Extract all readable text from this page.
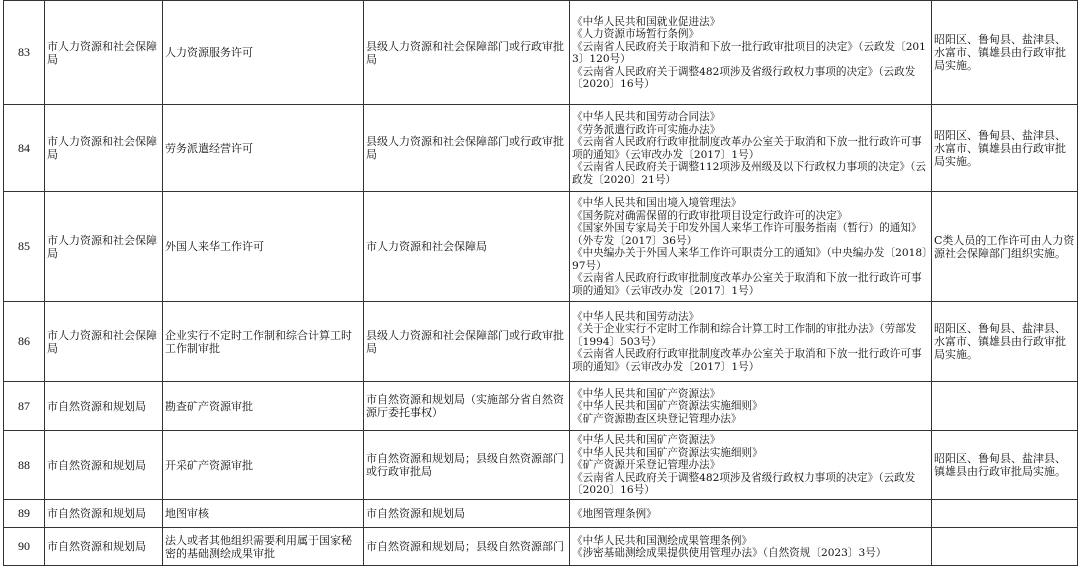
83	市人力资源和社会保障局	人力资源服务许可	县级人力资源和社会保障部门或行政审批局	《中华人民共和国就业促进法》
《人力资源市场暂行条例》
《云南省人民政府关于取消和下放一批行政审批项目的决定》（云政发〔2013〕120号）
《云南省人民政府关于调整482项涉及省级行政权力事项的决定》（云政发〔2020〕16号）	昭阳区、鲁甸县、盐津县、水富市、镇雄县由行政审批局实施。
84	市人力资源和社会保障局	劳务派遣经营许可	县级人力资源和社会保障部门或行政审批局	《中华人民共和国劳动合同法》
《劳务派遣行政许可实施办法》
《云南省人民政府行政审批制度改革办公室关于取消和下放一批行政许可事项的通知》（云审改办发〔2017〕1号）
《云南省人民政府关于调整112项涉及州级及以下行政权力事项的决定》（云政发〔2020〕21号）	昭阳区、鲁甸县、盐津县、水富市、镇雄县由行政审批局实施。
85	市人力资源和社会保障局	外国人来华工作许可	市人力资源和社会保障局	《中华人民共和国出境入境管理法》
《国务院对确需保留的行政审批项目设定行政许可的决定》
《国家外国专家局关于印发外国人来华工作许可服务指南（暂行）的通知》（外专发〔2017〕36号）
《中央编办关于外国人来华工作许可职责分工的通知》（中央编办发〔2018〕97号）
《云南省人民政府行政审批制度改革办公室关于取消和下放一批行政许可事项的通知》（云审改办发〔2017〕1号）	C类人员的工作许可由人力资源社会保障部门组织实施。
86	市人力资源和社会保障局	企业实行不定时工作制和综合计算工时工作制审批	县级人力资源和社会保障部门或行政审批局	《中华人民共和国劳动法》
《关于企业实行不定时工作制和综合计算工时工作制的审批办法》（劳部发〔1994〕503号）
《云南省人民政府行政审批制度改革办公室关于取消和下放一批行政许可事项的通知》（云审改办发〔2017〕1号）	昭阳区、鲁甸县、盐津县、水富市、镇雄县由行政审批局实施。
87	市自然资源和规划局	勘查矿产资源审批	市自然资源和规划局（实施部分省自然资源厅委托事权）	《中华人民共和国矿产资源法》
《中华人民共和国矿产资源法实施细则》
《矿产资源勘查区块登记管理办法》	

88	市自然资源和规划局	开采矿产资源审批	市自然资源和规划局；县级自然资源部门或行政审批局	《中华人民共和国矿产资源法》
《中华人民共和国矿产资源法实施细则》
《矿产资源开采登记管理办法》
《云南省人民政府关于调整482项涉及省级行政权力事项的决定》（云政发〔2020〕16号）	昭阳区、鲁甸县、盐津县、镇雄县由行政审批局实施。
89	市自然资源和规划局	地图审核	市自然资源和规划局	《地图管理条例》	

90	市自然资源和规划局	法人或者其他组织需要利用属于国家秘密的基础测绘成果审批	市自然资源和规划局；县级自然资源部门	《中华人民共和国测绘成果管理条例》
《涉密基础测绘成果提供使用管理办法》（自然资规〔2023〕3号）	
